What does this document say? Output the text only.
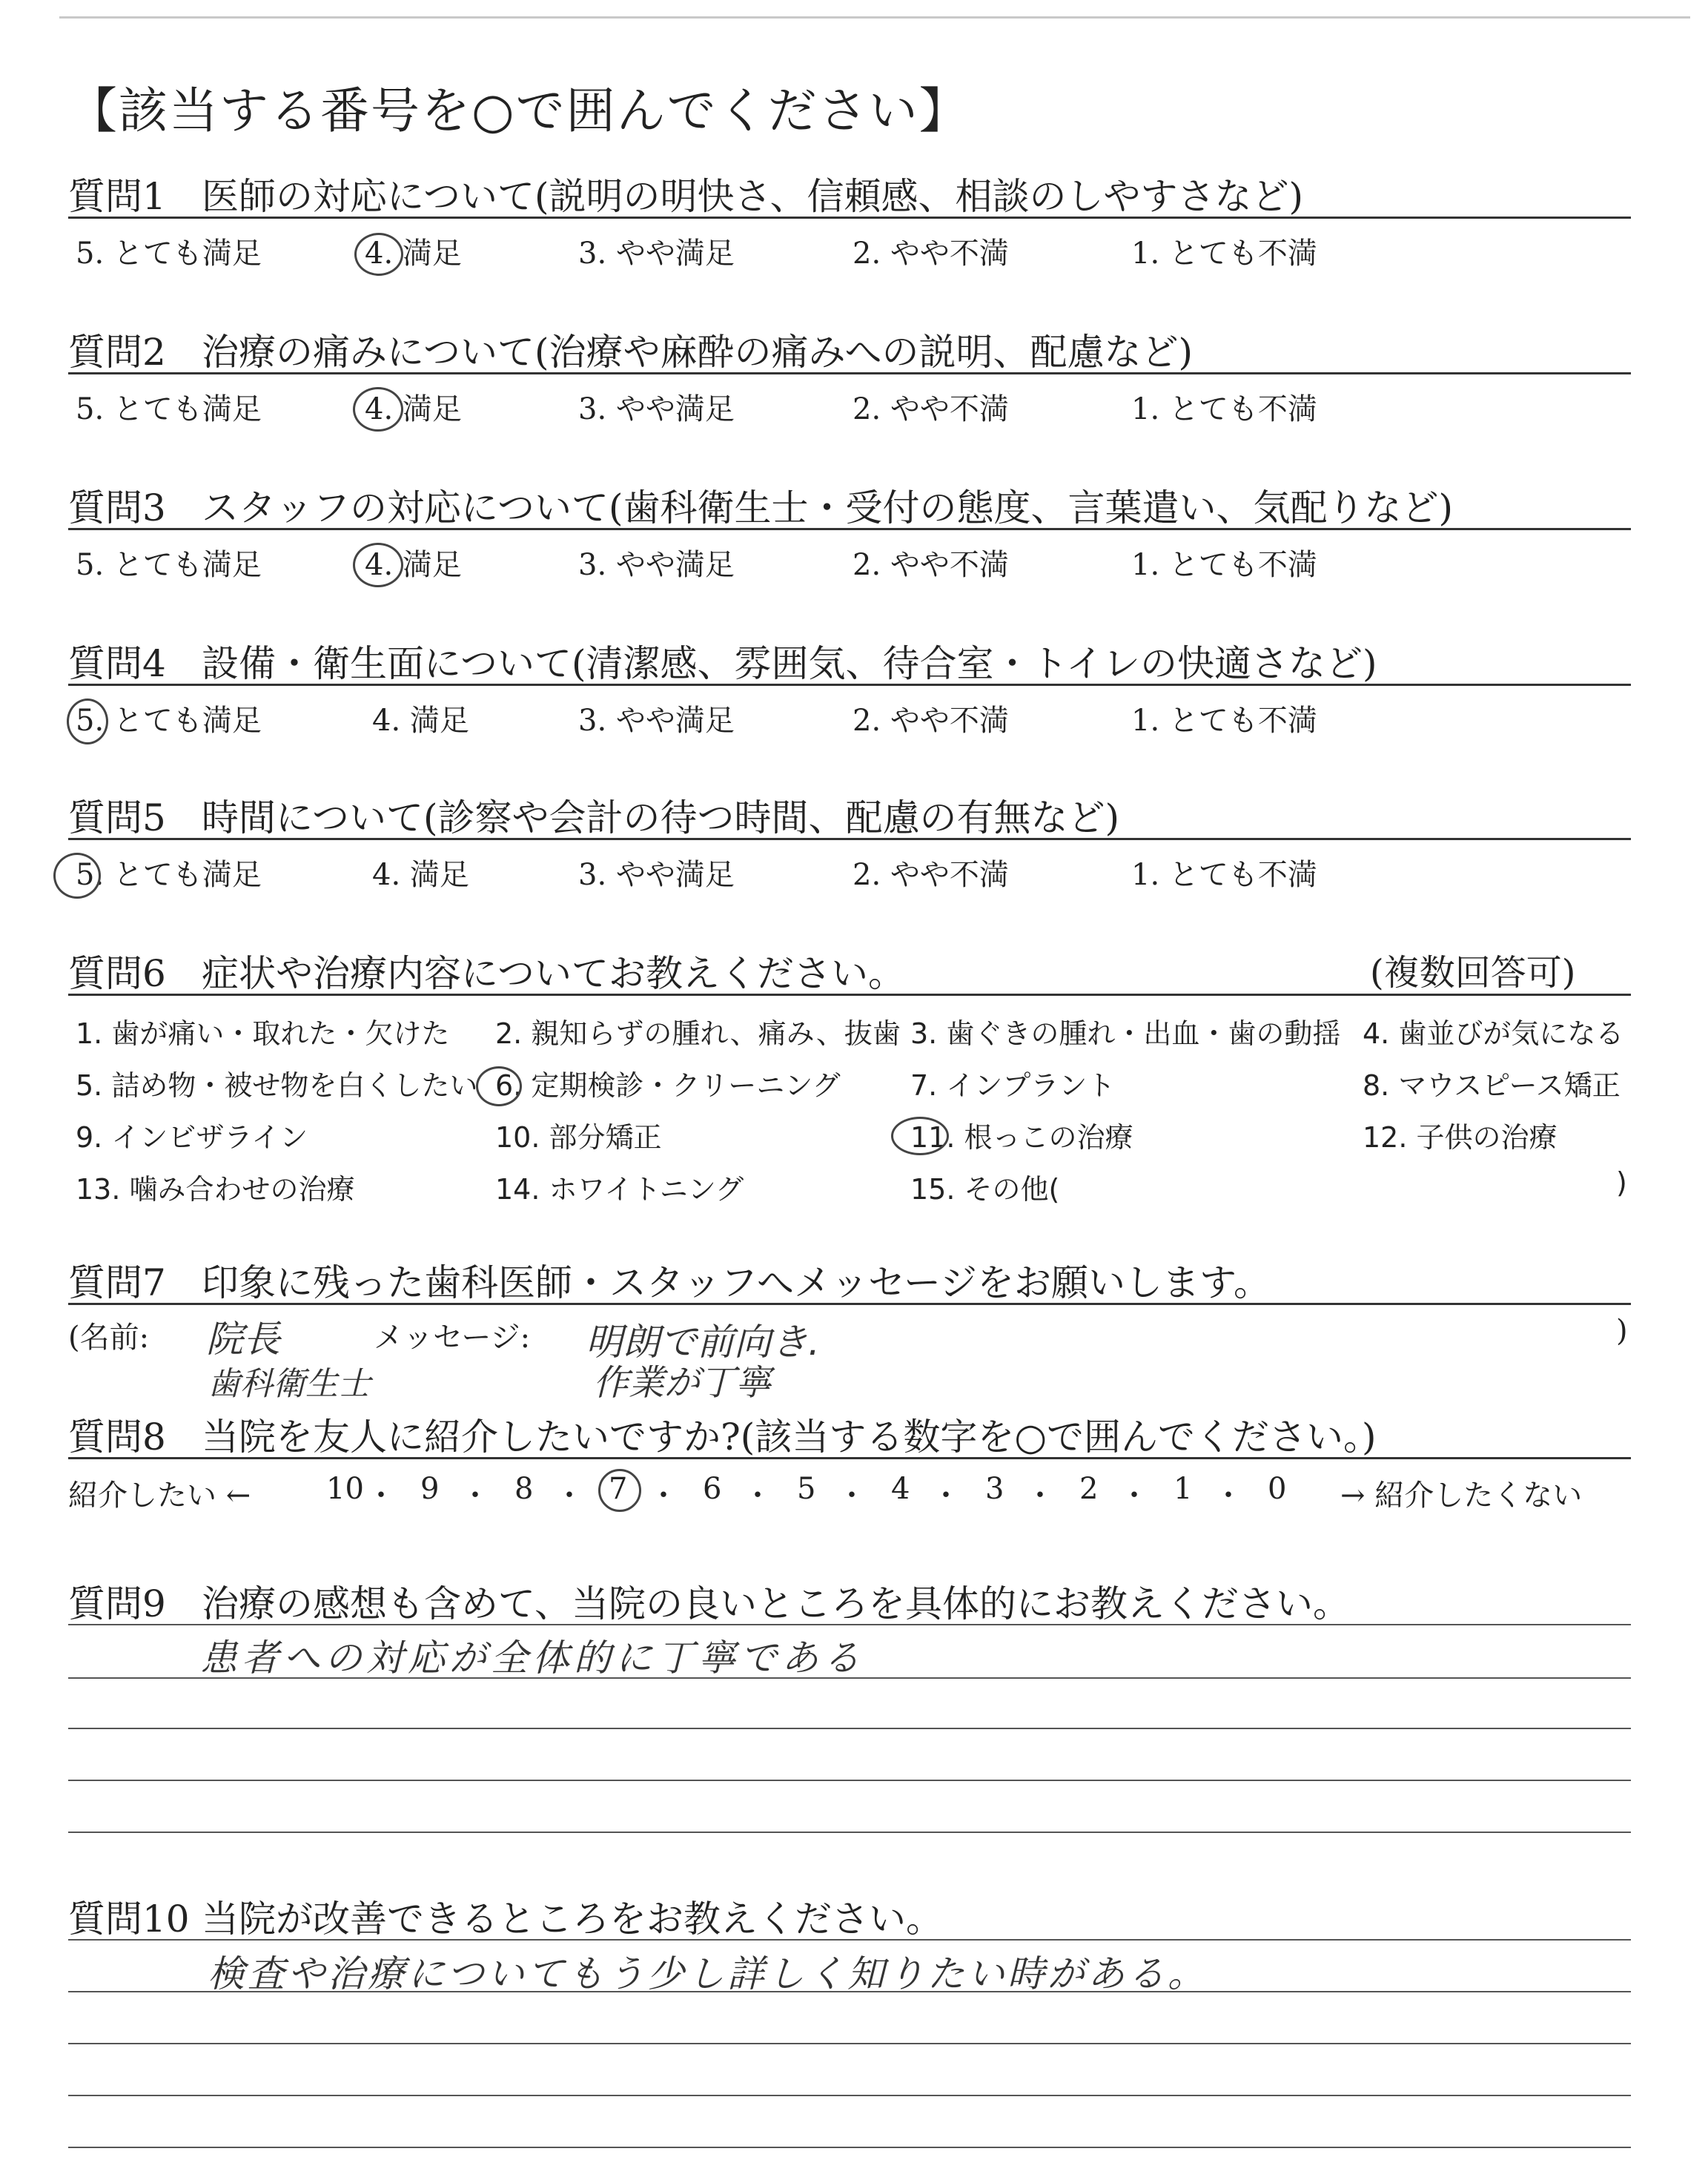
【該当する番号を○で囲んでください】
質問1 医師の対応について(説明の明快さ、信頼感、相談のしやすさなど)
5. とても満足	4. 満足	3. やや満足	2. やや不満	1. とても不満
質問2 治療の痛みについて(治療や麻酔の痛みへの説明、配慮など)
5. とても満足	4. 満足	3. やや満足	2. やや不満	1. とても不満
質問3 スタッフの対応について(歯科衛生士・受付の態度、言葉遣い、気配りなど)
5. とても満足	4. 満足	3. やや満足	2. やや不満	1. とても不満
質問4 設備・衛生面について(清潔感、雰囲気、待合室・トイレの快適さなど)
5. とても満足	4. 満足	3. やや満足	2. やや不満	1. とても不満
質問5 時間について(診察や会計の待つ時間、配慮の有無など)
5. とても満足	4. 満足	3. やや満足	2. やや不満	1. とても不満
質問6 症状や治療内容についてお教えください。	(複数回答可)
1. 歯が痛い・取れた・欠けた 2. 親知らずの腫れ、痛み、抜歯 3. 歯ぐきの腫れ・出血・歯の動揺 4. 歯並びが気になる
5. 詰め物・被せ物を白くしたい 6. 定期検診・クリーニング 7. インプラント	8. マウスピース矯正
9. インビザライン	10. 部分矯正	11. 根っこの治療	12. 子供の治療
13. 噛み合わせの治療	14. ホワイトニング	15. その他(	)
質問7 印象に残った歯科医師・スタッフへメッセージをお願いします。
(名前:	メッセージ:	)
院長	明朗で前向き.
歯科衛生士	作業が丁寧
質問8 当院を友人に紹介したいですか?(該当する数字を○で囲んでください。)
紹介したい ←	10 ・ 9 ・ 8 ・ 7 ・ 6 ・ 5 ・ 4 ・ 3 ・ 2 ・ 1 ・ 0 → 紹介したくない
質問9 治療の感想も含めて、当院の良いところを具体的にお教えください。
患者への対応が全体的に丁寧である
質問10 当院が改善できるところをお教えください。
検査や治療についてもう少し詳しく知りたい時がある。
